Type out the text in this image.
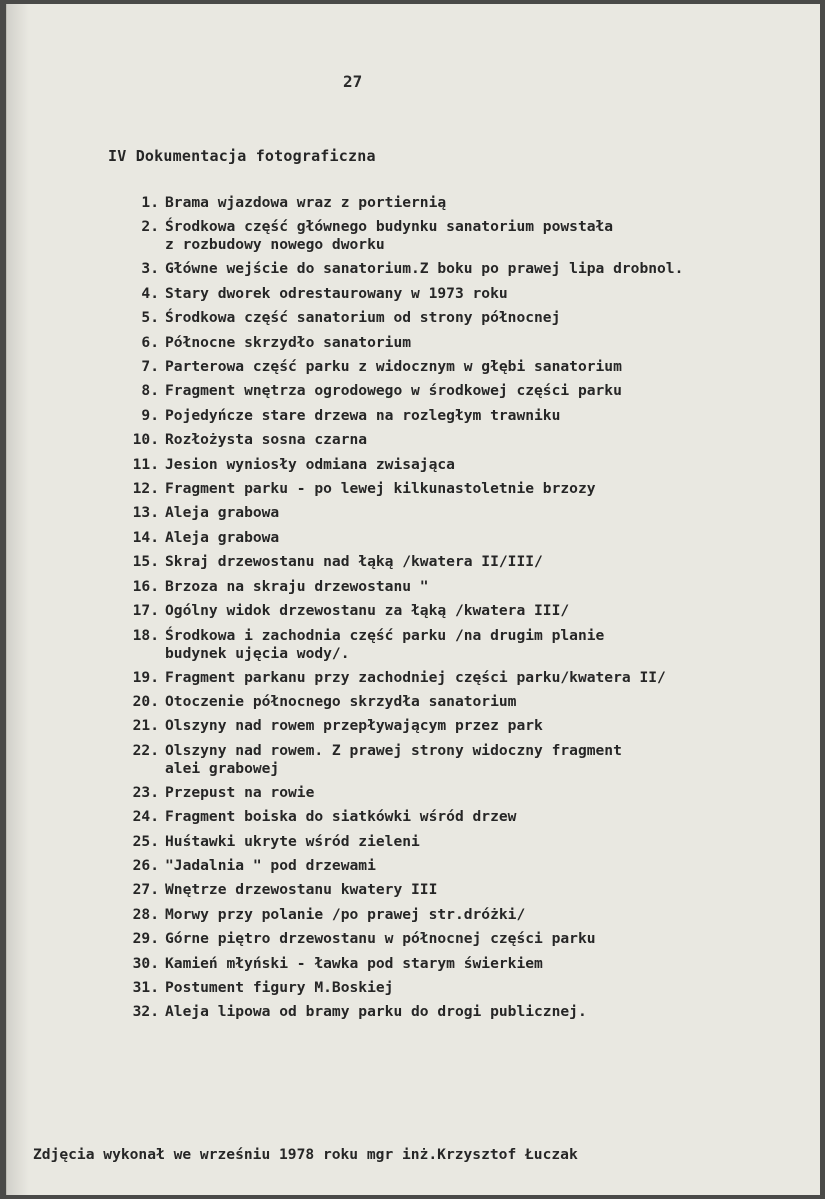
27
IV Dokumentacja fotograficzna
1. Brama wjazdowa wraz z portiernią
2. Środkowa część głównego budynku sanatorium powstała
z rozbudowy nowego dworku
3. Główne wejście do sanatorium.Z boku po prawej lipa drobnol.
4. Stary dworek odrestaurowany w 1973 roku
5. Środkowa część sanatorium od strony północnej
6. Północne skrzydło sanatorium
7. Parterowa część parku z widocznym w głębi sanatorium
8. Fragment wnętrza ogrodowego w środkowej części parku
9. Pojedyńcze stare drzewa na rozległym trawniku
10. Rozłożysta sosna czarna
11. Jesion wyniosły odmiana zwisająca
12. Fragment parku - po lewej kilkunastoletnie brzozy
13. Aleja grabowa
14. Aleja grabowa
15. Skraj drzewostanu nad łąką /kwatera II/III/
16. Brzoza na skraju drzewostanu "
17. Ogólny widok drzewostanu za łąką /kwatera III/
18. Środkowa i zachodnia część parku /na drugim planie
budynek ujęcia wody/.
19. Fragment parkanu przy zachodniej części parku/kwatera II/
20. Otoczenie północnego skrzydła sanatorium
21. Olszyny nad rowem przepływającym przez park
22. Olszyny nad rowem. Z prawej strony widoczny fragment
alei grabowej
23. Przepust na rowie
24. Fragment boiska do siatkówki wśród drzew
25. Huśtawki ukryte wśród zieleni
26. "Jadalnia " pod drzewami
27. Wnętrze drzewostanu kwatery III
28. Morwy przy polanie /po prawej str.dróżki/
29. Górne piętro drzewostanu w północnej części parku
30. Kamień młyński - ławka pod starym świerkiem
31. Postument figury M.Boskiej
32. Aleja lipowa od bramy parku do drogi publicznej.
Zdjęcia wykonał we wrześniu 1978 roku mgr inż.Krzysztof Łuczak
